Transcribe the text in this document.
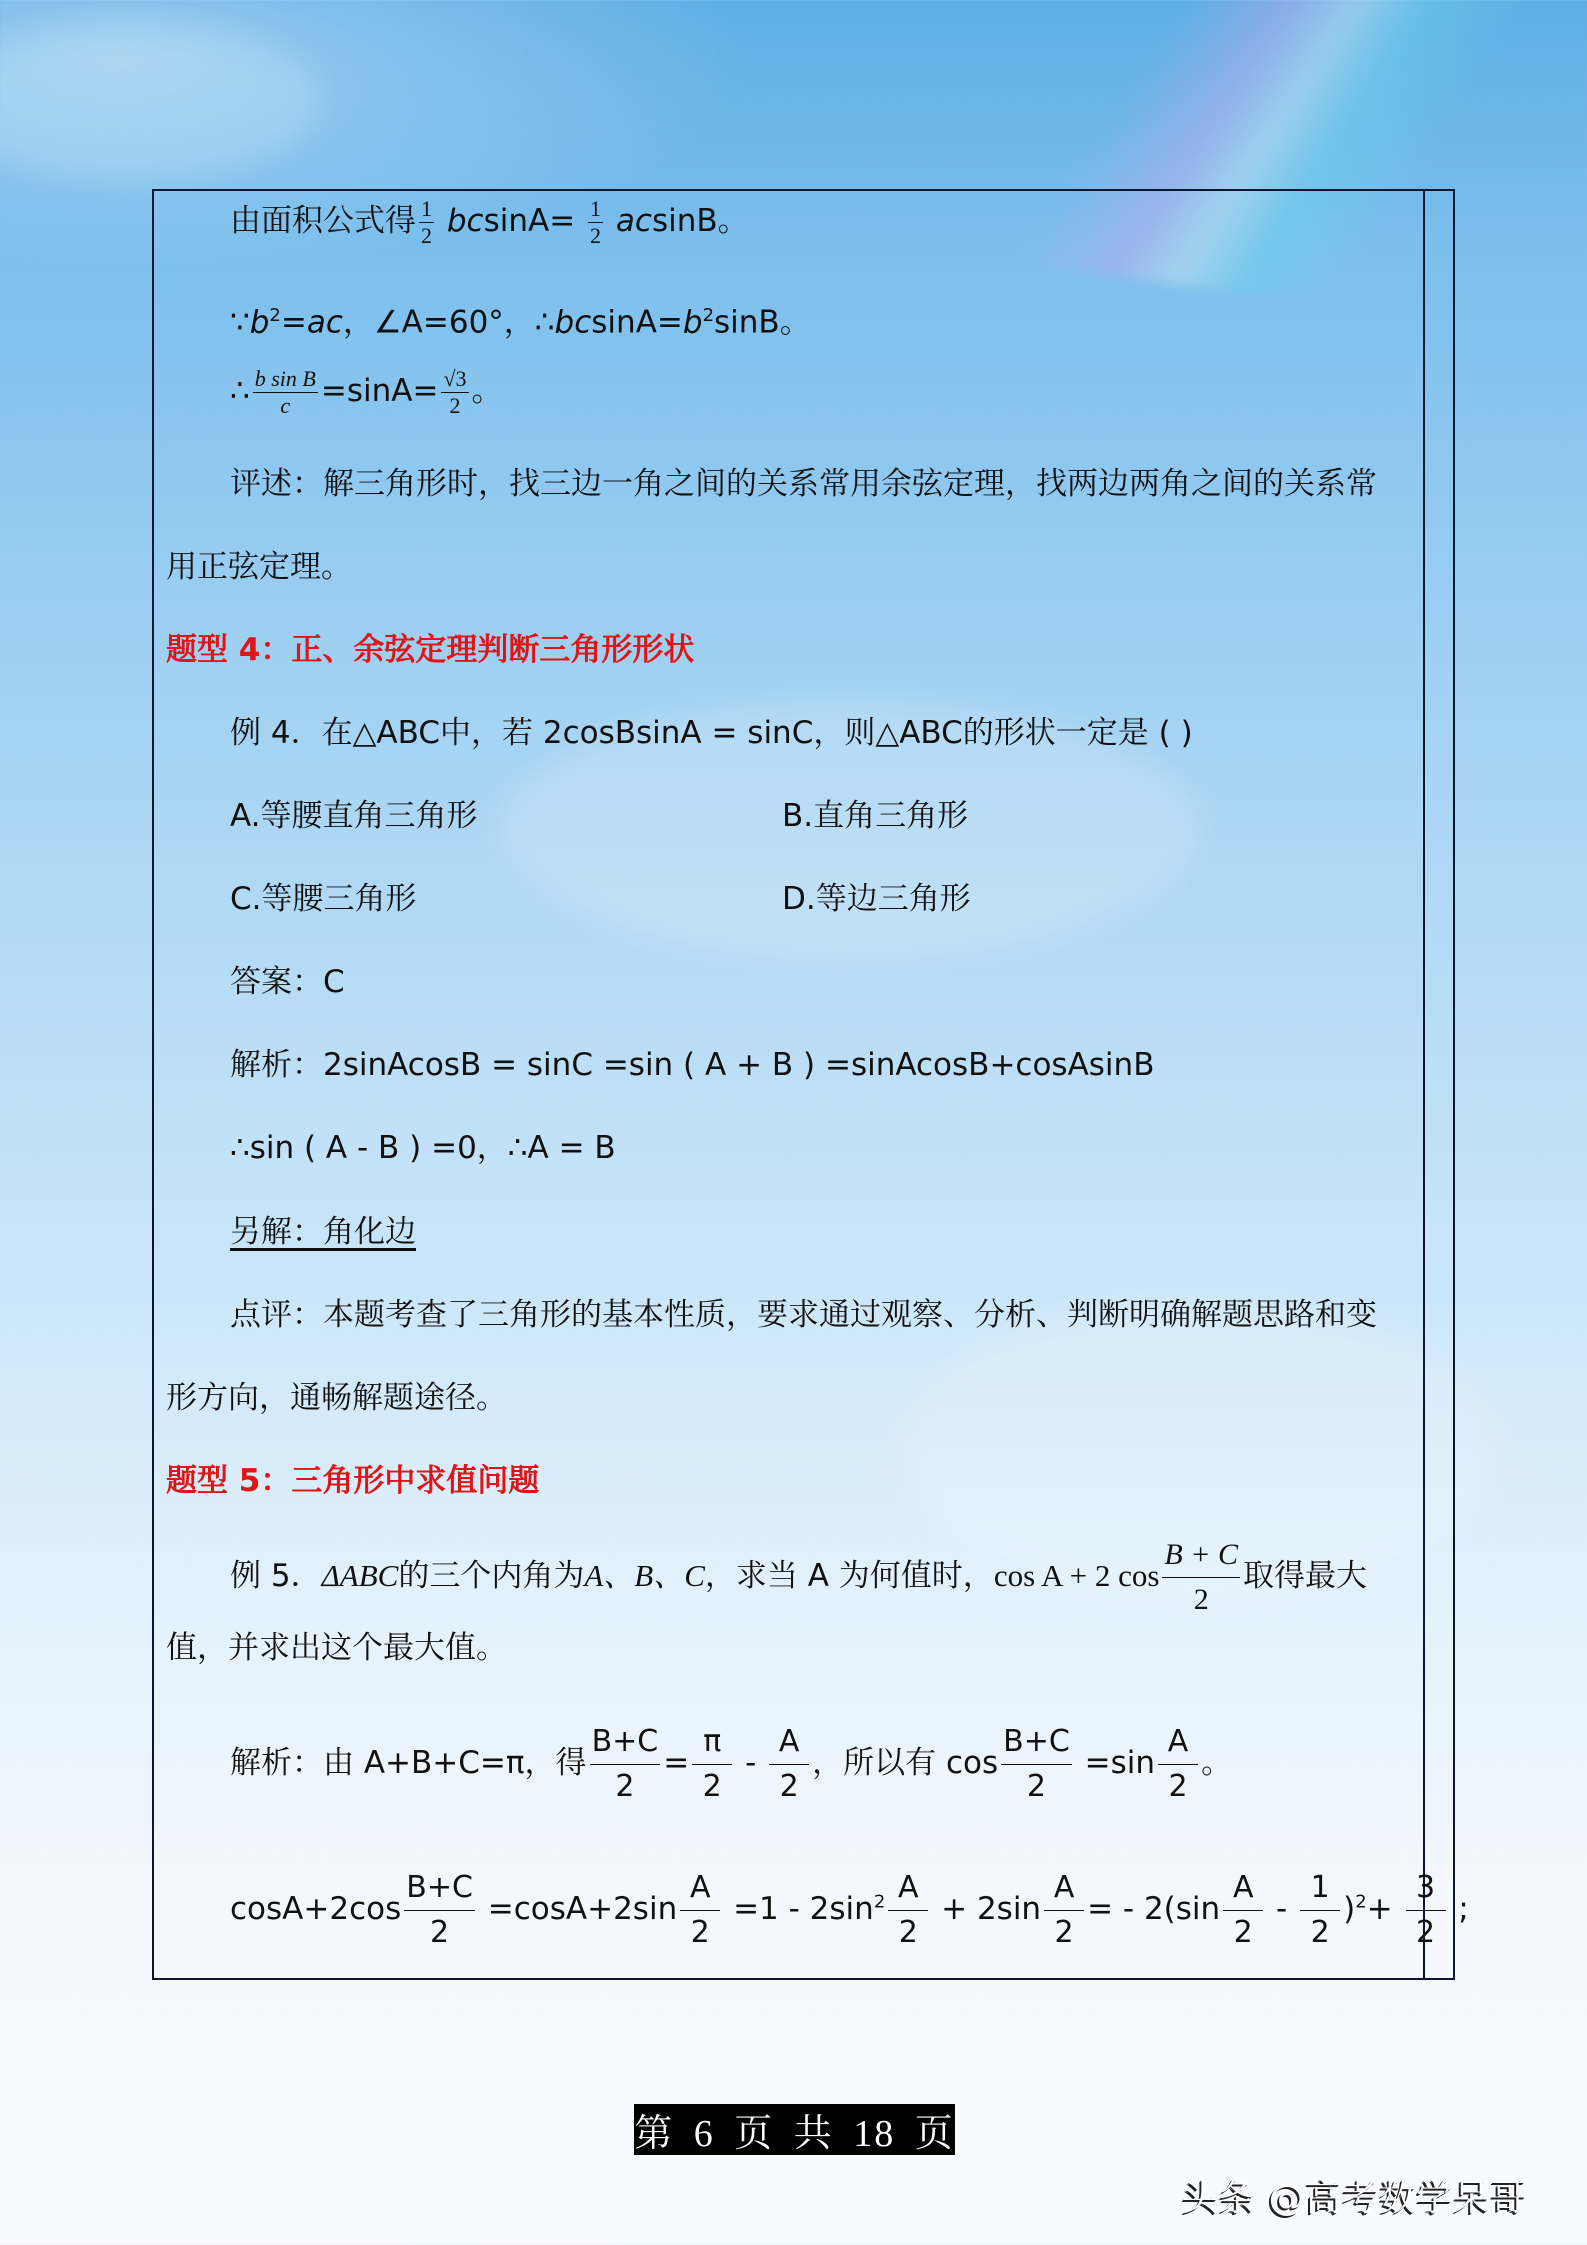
由面积公式得 $\frac{1}{2} bcsinA= \frac{1}{2}$ acsinB。
$\because b^2=ac$，∠A=60°，$\therefore bcsinA=b^2\sin B$。
∴ $\frac{\text{b sin B}}{c} =\sin A= \frac{√3}{2}$ 。
评述：解三角形时，找三边一角之间的关系常用余弦定理，找两边两角之间的关系常
用正弦定理。
题型 4：正、余弦定理判断三角形形状
例 4．在△ABC中，若 2cosBsinA = sinC，则△ABC的形状一定是 ( )
A.等腰直角三角形	B.直角三角形
C.等腰三角形	D.等边三角形
答案：C
解析：2sinAcosB = sinC =sin ( A + B ) =sinAcosB+cosAsinB
∴sin ( A - B ) =0，∴A = B
另解：角化边
点评：本题考查了三角形的基本性质，要求通过观察、分析、判断明确解题思路和变
形方向，通畅解题途径。
题型 5：三角形中求值问题
例 5．ΔABC的三个内角为A、B、C，求当 A 为何值时，cos A + 2 $\cos \frac{B + C}{2}$ 取得最大
值，并求出这个最大值。
解析：由 A+B+C=π，得 $\frac{B+C}{2} = \frac{\pi}{2} - \frac{A}{2}$ ，所以有 $\cos \frac{B+C}{2} =\sin \frac{A}{2}$ 。
$\cos A+2\cos \frac{B+C}{2} =\cos A+2\sin \frac{A}{2} =1 - 2\sin^2 \frac{A}{2} + 2\sin \frac{A}{2}$ = - $2(\sin \frac{A}{2} - \frac{1}{2} )^2+ \frac{3}{2}$ ;
第 6 页 共 18 页
头条 @高考数学呆哥
